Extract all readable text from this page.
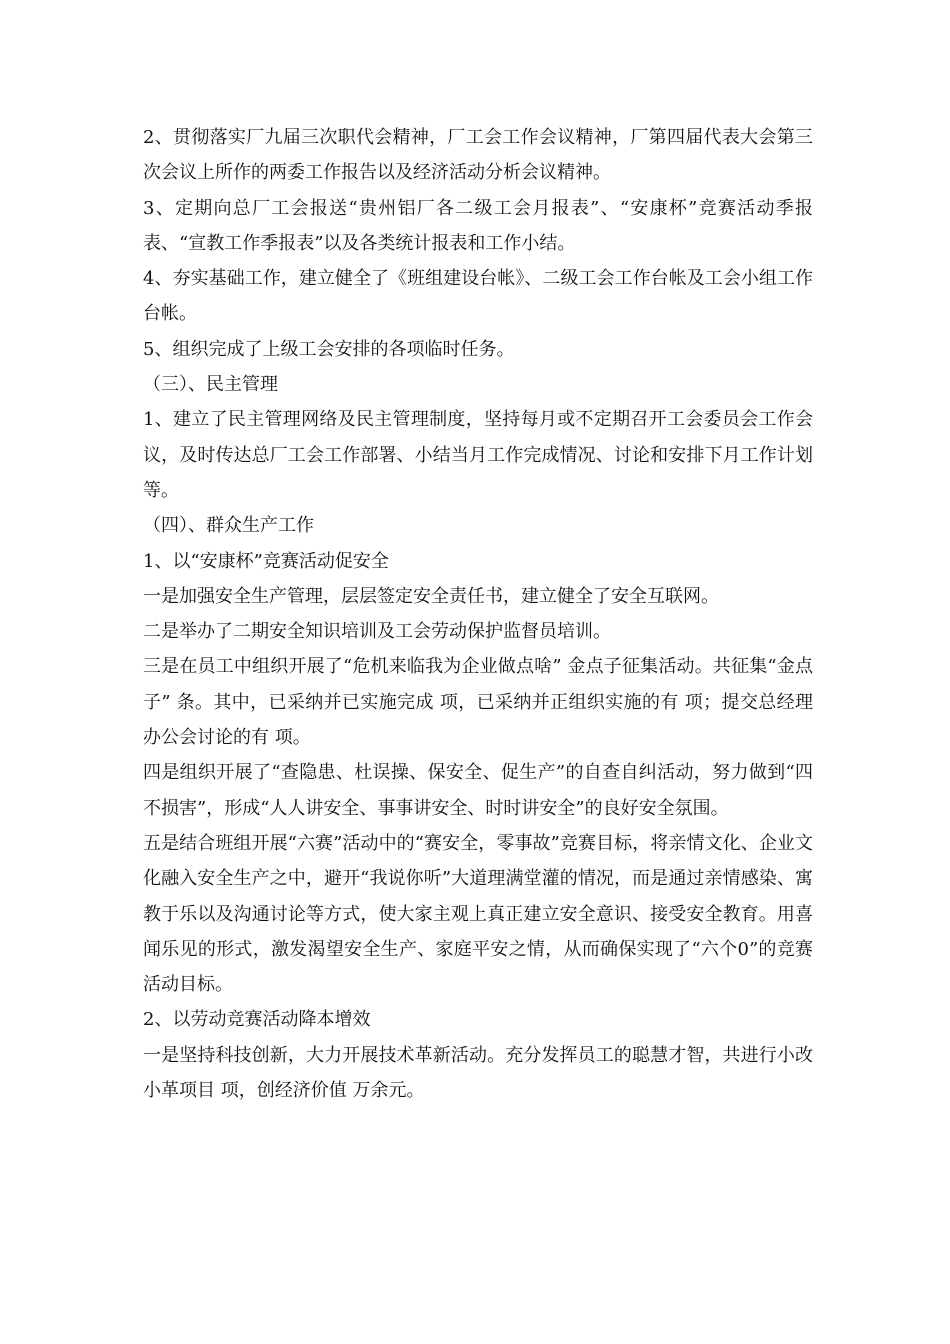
2、贯彻落实厂九届三次职代会精神，厂工会工作会议精神，厂第四届代表大会第三次会议上所作的两委工作报告以及经济活动分析会议精神。

3、定期向总厂工会报送“贵州铝厂各二级工会月报表”、“安康杯”竞赛活动季报表、“宣教工作季报表”以及各类统计报表和工作小结。

4、夯实基础工作，建立健全了《班组建设台帐》、二级工会工作台帐及工会小组工作台帐。

5、组织完成了上级工会安排的各项临时任务。

（三）、民主管理

1、建立了民主管理网络及民主管理制度，坚持每月或不定期召开工会委员会工作会议，及时传达总厂工会工作部署、小结当月工作完成情况、讨论和安排下月工作计划等。

（四）、群众生产工作

1、以“安康杯”竞赛活动促安全

一是加强安全生产管理，层层签定安全责任书，建立健全了安全互联网。

二是举办了二期安全知识培训及工会劳动保护监督员培训。

三是在员工中组织开展了“危机来临我为企业做点啥” 金点子征集活动。共征集“金点子” 条。其中，已采纳并已实施完成 项，已采纳并正组织实施的有 项；提交总经理办公会讨论的有 项。

四是组织开展了“查隐患、杜误操、保安全、促生产”的自查自纠活动，努力做到“四不损害”，形成“人人讲安全、事事讲安全、时时讲安全”的良好安全氛围。

五是结合班组开展“六赛”活动中的“赛安全，零事故”竞赛目标，将亲情文化、企业文化融入安全生产之中，避开“我说你听”大道理满堂灌的情况，而是通过亲情感染、寓教于乐以及沟通讨论等方式，使大家主观上真正建立安全意识、接受安全教育。用喜闻乐见的形式，激发渴望安全生产、家庭平安之情，从而确保实现了“六个0”的竞赛活动目标。

2、以劳动竞赛活动降本增效

一是坚持科技创新，大力开展技术革新活动。充分发挥员工的聪慧才智，共进行小改小革项目 项，创经济价值 万余元。
